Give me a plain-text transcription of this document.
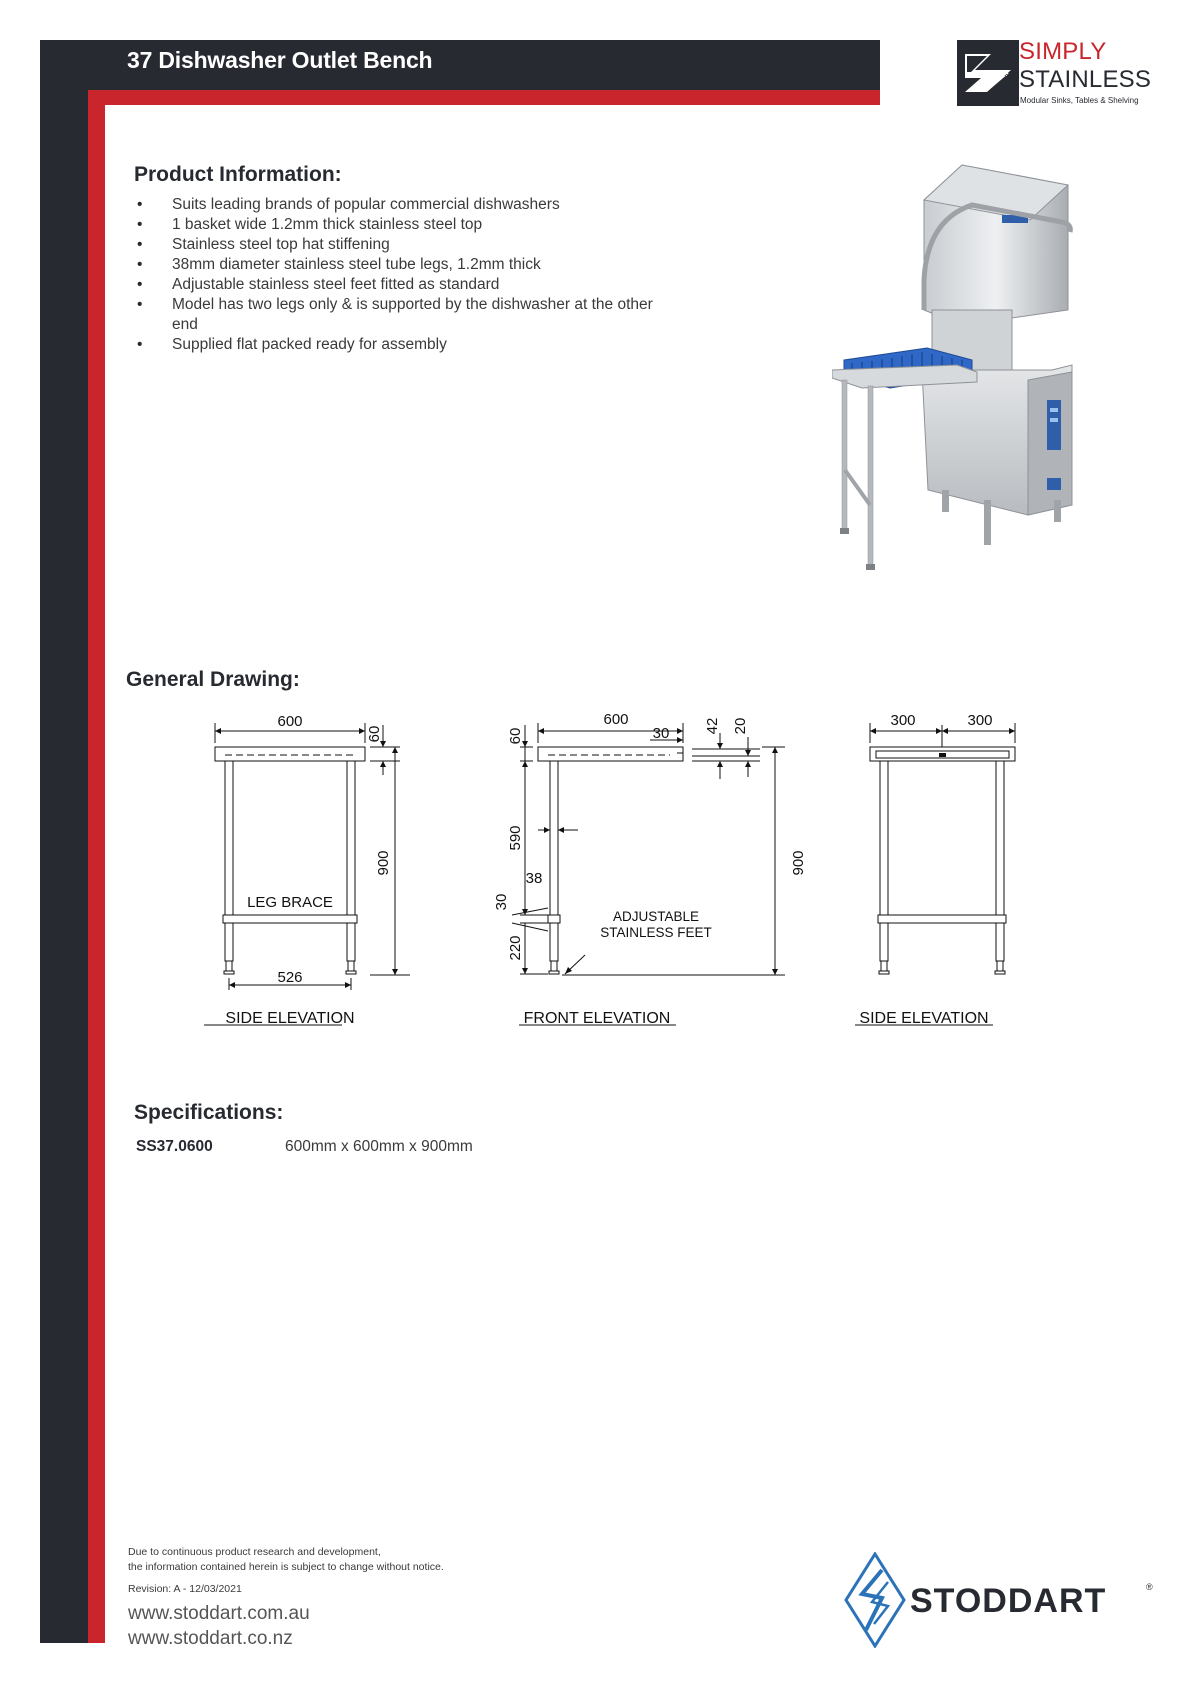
37 Dishwasher Outlet Bench	SIMPLY
STAINLESS
Modular Sinks, Tables & Shelving
Product Information:
• Suits leading brands of popular commercial dishwashers
• 1 basket wide 1.2mm thick stainless steel top
• Stainless steel top hat stiffening
• 38mm diameter stainless steel tube legs, 1.2mm thick
• Adjustable stainless steel feet fitted as standard
• Model has two legs only & is supported by the dishwasher at the other end
• Supplied flat packed ready for assembly
General Drawing:
600
60
900
LEG BRACE
526
SIDE ELEVATION
600
30
60
42 20
590
38
30
220
900
ADJUSTABLE
STAINLESS FEET
FRONT ELEVATION
300	300
SIDE ELEVATION
Specifications:
SS37.0600	600mm x 600mm x 900mm
Due to continuous product research and development,
the information contained herein is subject to change without notice.
Revision: A - 12/03/2021
www.stoddart.com.au
www.stoddart.co.nz
STODDART	®
